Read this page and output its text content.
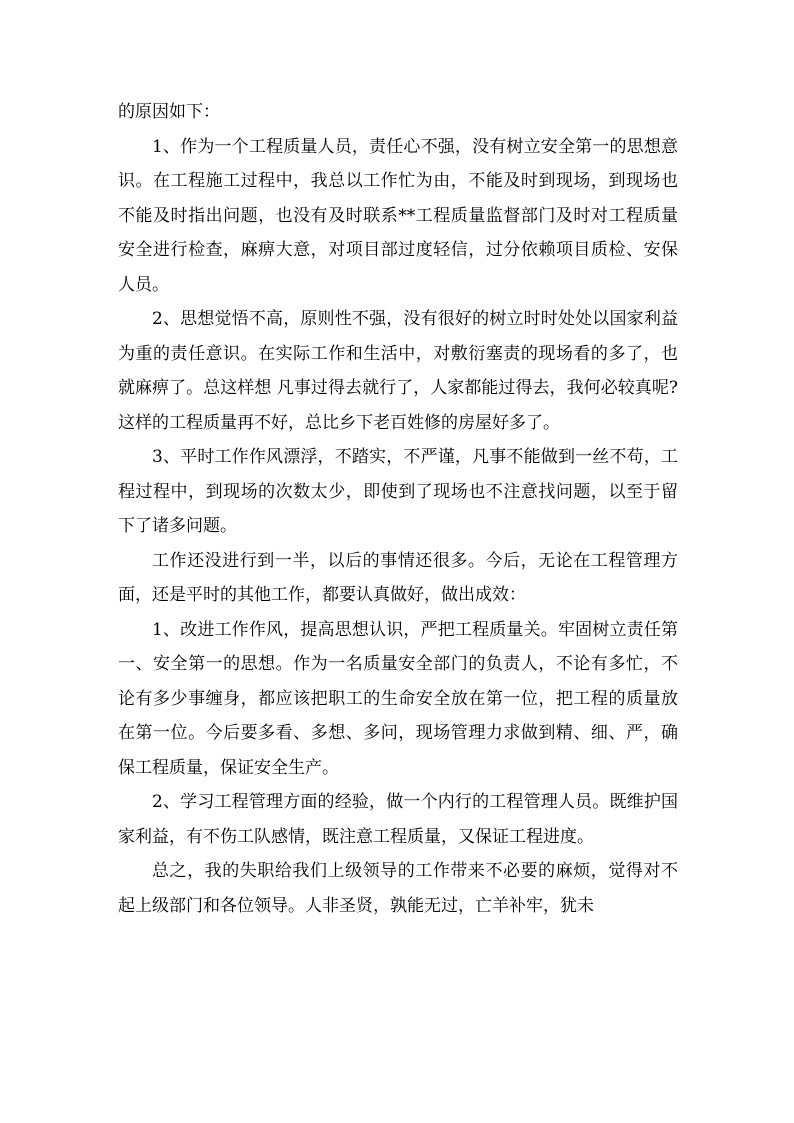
的原因如下：

1、作为一个工程质量人员，责任心不强，没有树立安全第一的思想意识。在工程施工过程中，我总以工作忙为由，不能及时到现场，到现场也不能及时指出问题，也没有及时联系**工程质量监督部门及时对工程质量安全进行检查，麻痹大意，对项目部过度轻信，过分依赖项目质检、安保人员。

2、思想觉悟不高，原则性不强，没有很好的树立时时处处以国家利益为重的责任意识。在实际工作和生活中，对敷衍塞责的现场看的多了，也就麻痹了。总这样想 凡事过得去就行了，人家都能过得去，我何必较真呢?这样的工程质量再不好，总比乡下老百姓修的房屋好多了。

3、平时工作作风漂浮，不踏实，不严谨，凡事不能做到一丝不苟，工程过程中，到现场的次数太少，即使到了现场也不注意找问题，以至于留下了诸多问题。

工作还没进行到一半，以后的事情还很多。今后，无论在工程管理方面，还是平时的其他工作，都要认真做好，做出成效：

1、改进工作作风，提高思想认识，严把工程质量关。牢固树立责任第一、安全第一的思想。作为一名质量安全部门的负责人，不论有多忙，不论有多少事缠身，都应该把职工的生命安全放在第一位，把工程的质量放在第一位。今后要多看、多想、多问，现场管理力求做到精、细、严，确保工程质量，保证安全生产。

2、学习工程管理方面的经验，做一个内行的工程管理人员。既维护国家利益，有不伤工队感情，既注意工程质量，又保证工程进度。

总之，我的失职给我们上级领导的工作带来不必要的麻烦，觉得对不起上级部门和各位领导。人非圣贤，孰能无过，亡羊补牢，犹未
